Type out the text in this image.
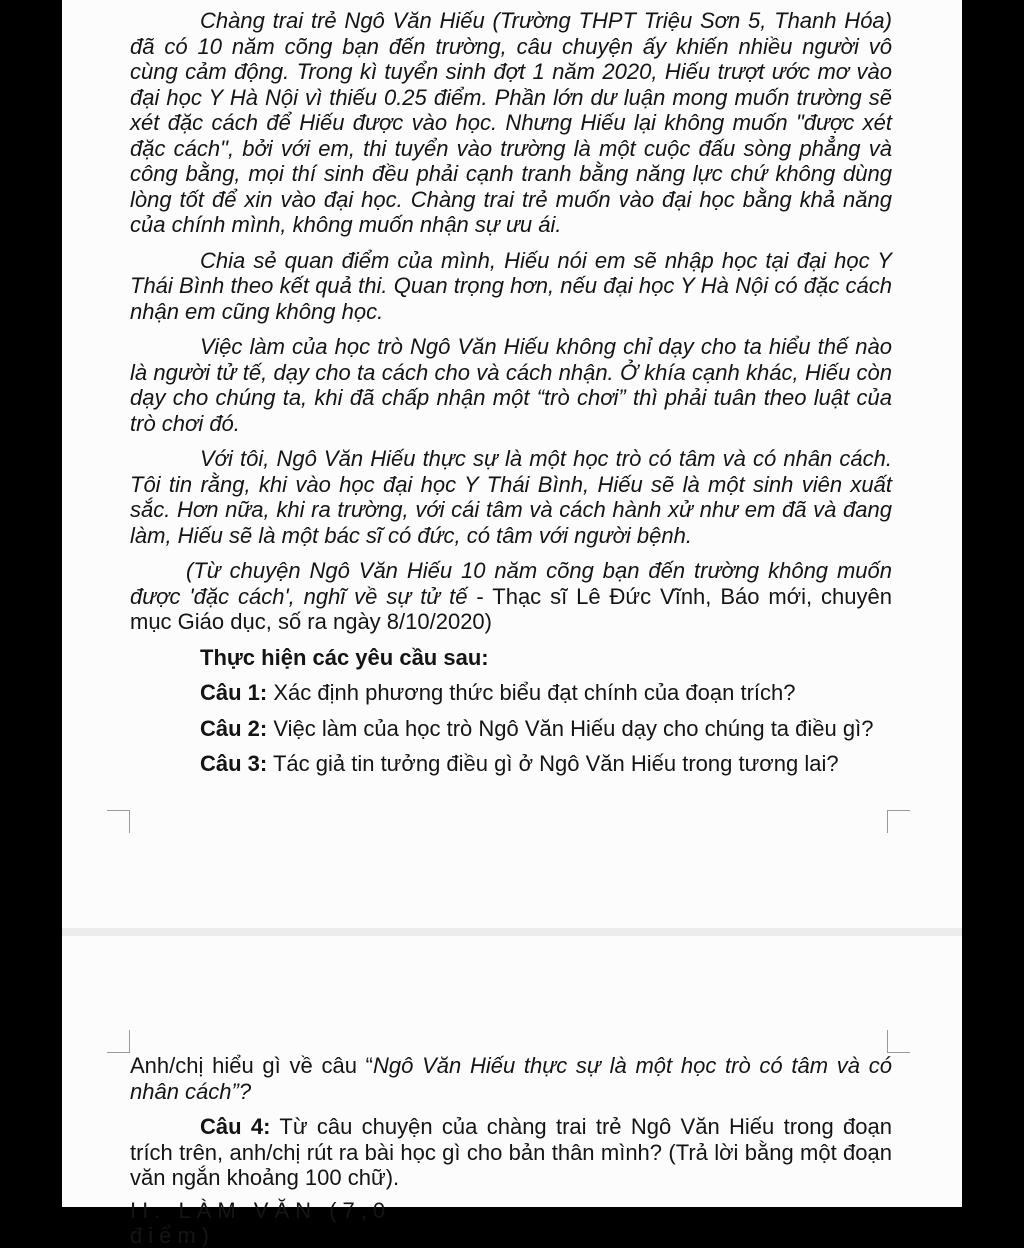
Chàng trai trẻ Ngô Văn Hiếu (Trường THPT Triệu Sơn 5, Thanh Hóa) đã có 10 năm cõng bạn đến trường, câu chuyện ấy khiến nhiều người vô cùng cảm động. Trong kì tuyển sinh đợt 1 năm 2020, Hiếu trượt ước mơ vào đại học Y Hà Nội vì thiếu 0.25 điểm. Phần lớn dư luận mong muốn trường sẽ xét đặc cách để Hiếu được vào học. Nhưng Hiếu lại không muốn "được xét đặc cách", bởi với em, thi tuyển vào trường là một cuộc đấu sòng phẳng và công bằng, mọi thí sinh đều phải cạnh tranh bằng năng lực chứ không dùng lòng tốt để xin vào đại học. Chàng trai trẻ muốn vào đại học bằng khả năng của chính mình, không muốn nhận sự ưu ái.

Chia sẻ quan điểm của mình, Hiếu nói em sẽ nhập học tại đại học Y Thái Bình theo kết quả thi. Quan trọng hơn, nếu đại học Y Hà Nội có đặc cách nhận em cũng không học.

Việc làm của học trò Ngô Văn Hiếu không chỉ dạy cho ta hiểu thế nào là người tử tế, dạy cho ta cách cho và cách nhận. Ở khía cạnh khác, Hiếu còn dạy cho chúng ta, khi đã chấp nhận một “trò chơi” thì phải tuân theo luật của trò chơi đó.

Với tôi, Ngô Văn Hiếu thực sự là một học trò có tâm và có nhân cách. Tôi tin rằng, khi vào học đại học Y Thái Bình, Hiếu sẽ là một sinh viên xuất sắc. Hơn nữa, khi ra trường, với cái tâm và cách hành xử như em đã và đang làm, Hiếu sẽ là một bác sĩ có đức, có tâm với người bệnh.

(Từ chuyện Ngô Văn Hiếu 10 năm cõng bạn đến trường không muốn được 'đặc cách', nghĩ về sự tử tế - Thạc sĩ Lê Đức Vĩnh, Báo mới, chuyên mục Giáo dục, số ra ngày 8/10/2020)

Thực hiện các yêu cầu sau:

Câu 1: Xác định phương thức biểu đạt chính của đoạn trích?

Câu 2: Việc làm của học trò Ngô Văn Hiếu dạy cho chúng ta điều gì?

Câu 3: Tác giả tin tưởng điều gì ở Ngô Văn Hiếu trong tương lai?

Anh/chị hiểu gì về câu “Ngô Văn Hiếu thực sự là một học trò có tâm và có nhân cách”?

Câu 4: Từ câu chuyện của chàng trai trẻ Ngô Văn Hiếu trong đoạn trích trên, anh/chị rút ra bài học gì cho bản thân mình? (Trả lời bằng một đoạn văn ngắn khoảng 100 chữ).

II. LÀM VĂN (7,0 điểm)
